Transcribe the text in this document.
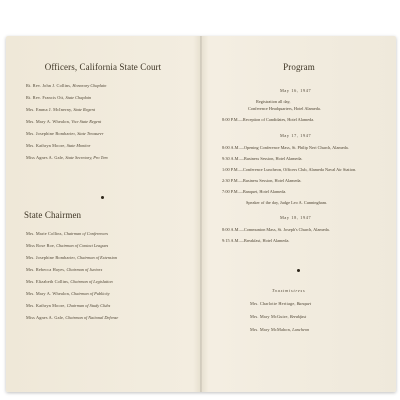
Officers, California State Court
Rt. Rev. John J. Collins, Honorary Chaplain
Rt. Rev. Francis Ott, State Chaplain
Mrs. Emma J. McInerny, State Regent
Mrs. Mary A. Whealon, Vice State Regent
Mrs. Josephine Bombarier, State Treasurer
Mrs. Kathryn Moore, State Monitor
Miss Agnes A. Gale, State Secretary, Pro Tem
State Chairmen
Mrs. Marie Collins, Chairman of Conferences
Miss Rose Roe, Chairman of Contact Leagues
Mrs. Josephine Bombarier, Chairman of Extension
Mrs. Rebecca Hayes, Chairman of Juniors
Mrs. Elizabeth Collins, Chairman of Legislation
Mrs. Mary A. Whealon, Chairman of Publicity
Mrs. Kathryn Moore, Chairman of Study Clubs
Miss Agnes A. Gale, Chairman of National Defense
Program
May 16, 1947
Registration all day,
Conference Headquarters, Hotel Alameda.
8:00 P.M.—Reception of Candidates, Hotel Alameda.
May 17, 1947
8:00 A.M.—Opening Conference Mass, St. Philip Neri Church, Alameda.
9:30 A.M.—Business Session, Hotel Alameda.
1:00 P.M.—Conference Luncheon, Officers Club, Alameda Naval Air Station.
2:30 P.M.—Business Session, Hotel Alameda.
7:00 P.M.—Banquet, Hotel Alameda.
Speaker of the day, Judge Leo A. Cunningham.
May 18, 1947
8:00 A.M.—Communion Mass, St. Joseph's Church, Alameda.
9:15 A.M.—Breakfast, Hotel Alameda.
Toastmistress
Mrs. Charlotte Heritage, Banquet
Mrs. Mary McGuire, Breakfast
Mrs. Mary McMahon, Luncheon
